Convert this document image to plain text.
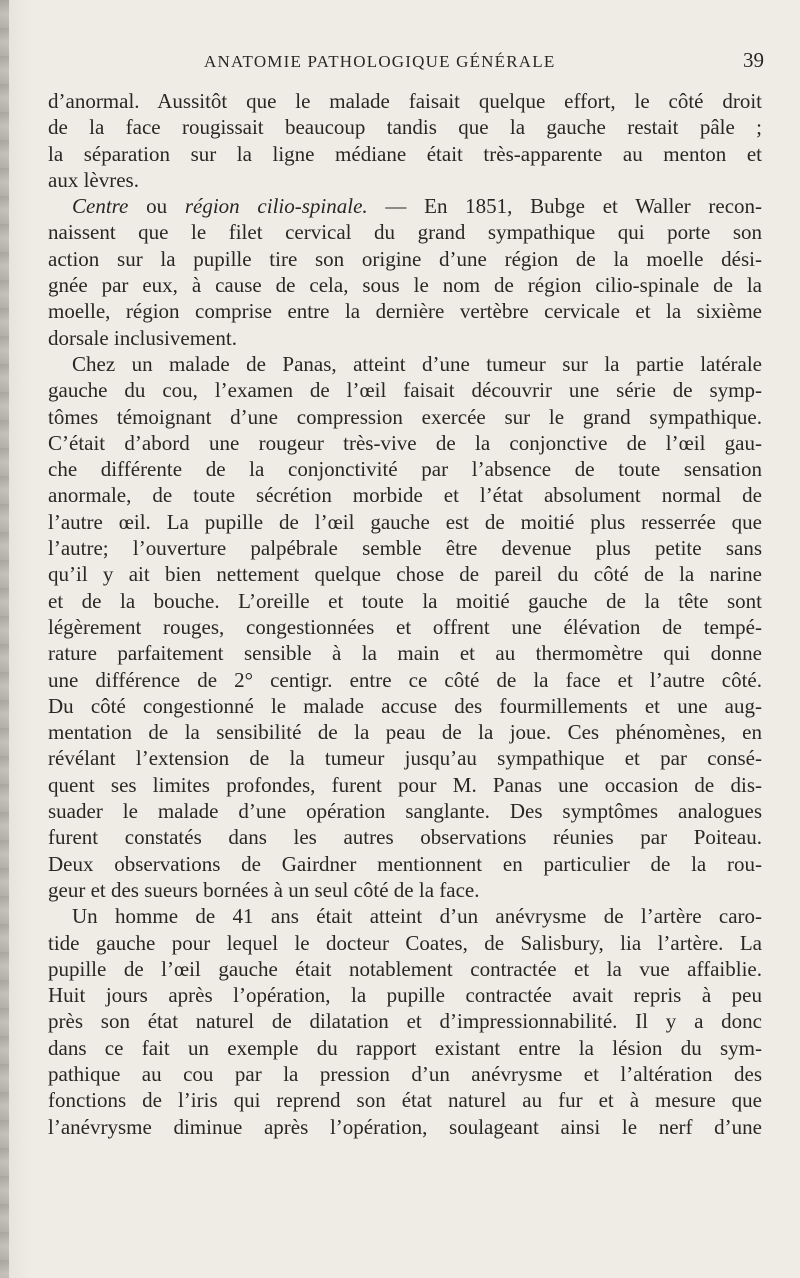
ANATOMIE PATHOLOGIQUE GÉNÉRALE	39
d’anormal. Aussitôt que le malade faisait quelque effort, le côté droit
de la face rougissait beaucoup tandis que la gauche restait pâle ;
la séparation sur la ligne médiane était très-apparente au menton et
aux lèvres.
Centre ou région cilio-spinale. — En 1851, Bubge et Waller recon-
naissent que le filet cervical du grand sympathique qui porte son
action sur la pupille tire son origine d’une région de la moelle dési-
gnée par eux, à cause de cela, sous le nom de région cilio-spinale de la
moelle, région comprise entre la dernière vertèbre cervicale et la sixième
dorsale inclusivement.
Chez un malade de Panas, atteint d’une tumeur sur la partie latérale
gauche du cou, l’examen de l’œil faisait découvrir une série de symp-
tômes témoignant d’une compression exercée sur le grand sympathique.
C’était d’abord une rougeur très-vive de la conjonctive de l’œil gau-
che différente de la conjonctivité par l’absence de toute sensation
anormale, de toute sécrétion morbide et l’état absolument normal de
l’autre œil. La pupille de l’œil gauche est de moitié plus resserrée que
l’autre; l’ouverture palpébrale semble être devenue plus petite sans
qu’il y ait bien nettement quelque chose de pareil du côté de la narine
et de la bouche. L’oreille et toute la moitié gauche de la tête sont
légèrement rouges, congestionnées et offrent une élévation de tempé-
rature parfaitement sensible à la main et au thermomètre qui donne
une différence de 2° centigr. entre ce côté de la face et l’autre côté.
Du côté congestionné le malade accuse des fourmillements et une aug-
mentation de la sensibilité de la peau de la joue. Ces phénomènes, en
révélant l’extension de la tumeur jusqu’au sympathique et par consé-
quent ses limites profondes, furent pour M. Panas une occasion de dis-
suader le malade d’une opération sanglante. Des symptômes analogues
furent constatés dans les autres observations réunies par Poiteau.
Deux observations de Gairdner mentionnent en particulier de la rou-
geur et des sueurs bornées à un seul côté de la face.
Un homme de 41 ans était atteint d’un anévrysme de l’artère caro-
tide gauche pour lequel le docteur Coates, de Salisbury, lia l’artère. La
pupille de l’œil gauche était notablement contractée et la vue affaiblie.
Huit jours après l’opération, la pupille contractée avait repris à peu
près son état naturel de dilatation et d’impressionnabilité. Il y a donc
dans ce fait un exemple du rapport existant entre la lésion du sym-
pathique au cou par la pression d’un anévrysme et l’altération des
fonctions de l’iris qui reprend son état naturel au fur et à mesure que
l’anévrysme diminue après l’opération, soulageant ainsi le nerf d’une
